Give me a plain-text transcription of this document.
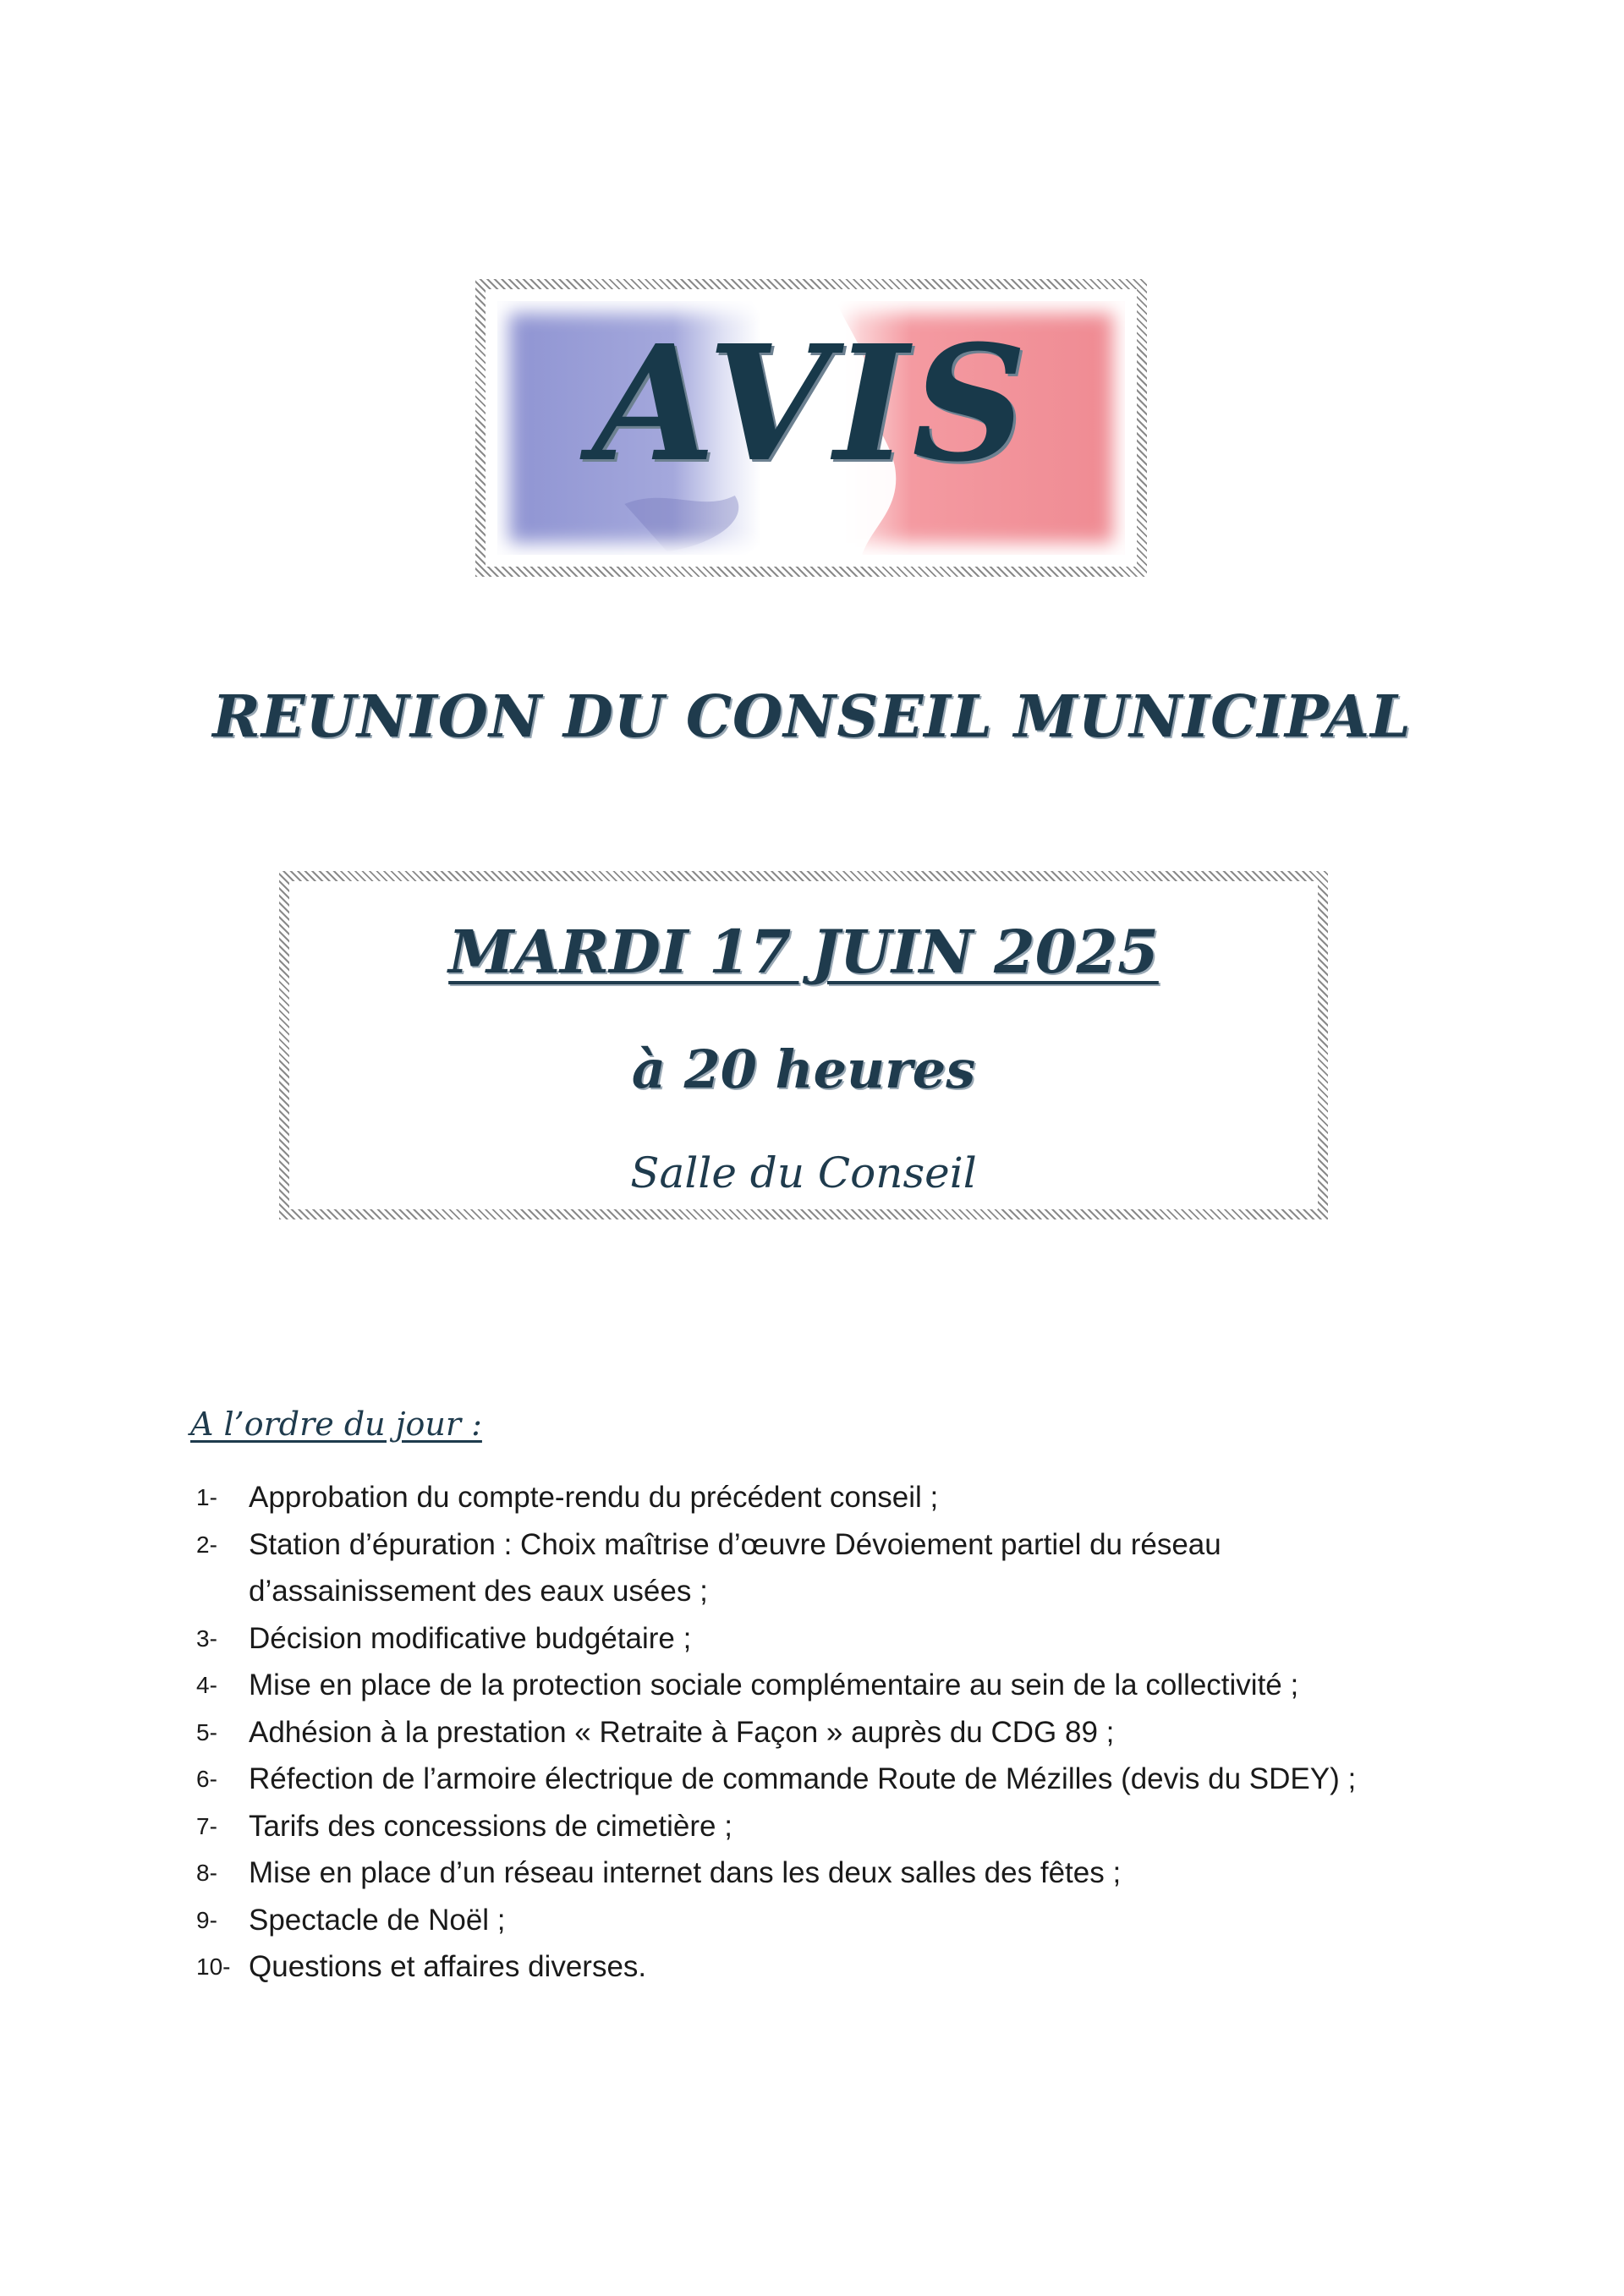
AVIS
REUNION DU CONSEIL MUNICIPAL
MARDI 17 JUIN 2025
à 20 heures
Salle du Conseil
A l’ordre du jour :
1- Approbation du compte-rendu du précédent conseil ;
2- Station d’épuration : Choix maîtrise d’œuvre Dévoiement partiel du réseau
d’assainissement des eaux usées ;
3- Décision modificative budgétaire ;
4- Mise en place de la protection sociale complémentaire au sein de la collectivité ;
5- Adhésion à la prestation « Retraite à Façon » auprès du CDG 89 ;
6- Réfection de l’armoire électrique de commande Route de Mézilles (devis du SDEY) ;
7- Tarifs des concessions de cimetière ;
8- Mise en place d’un réseau internet dans les deux salles des fêtes ;
9- Spectacle de Noël ;
10- Questions et affaires diverses.
